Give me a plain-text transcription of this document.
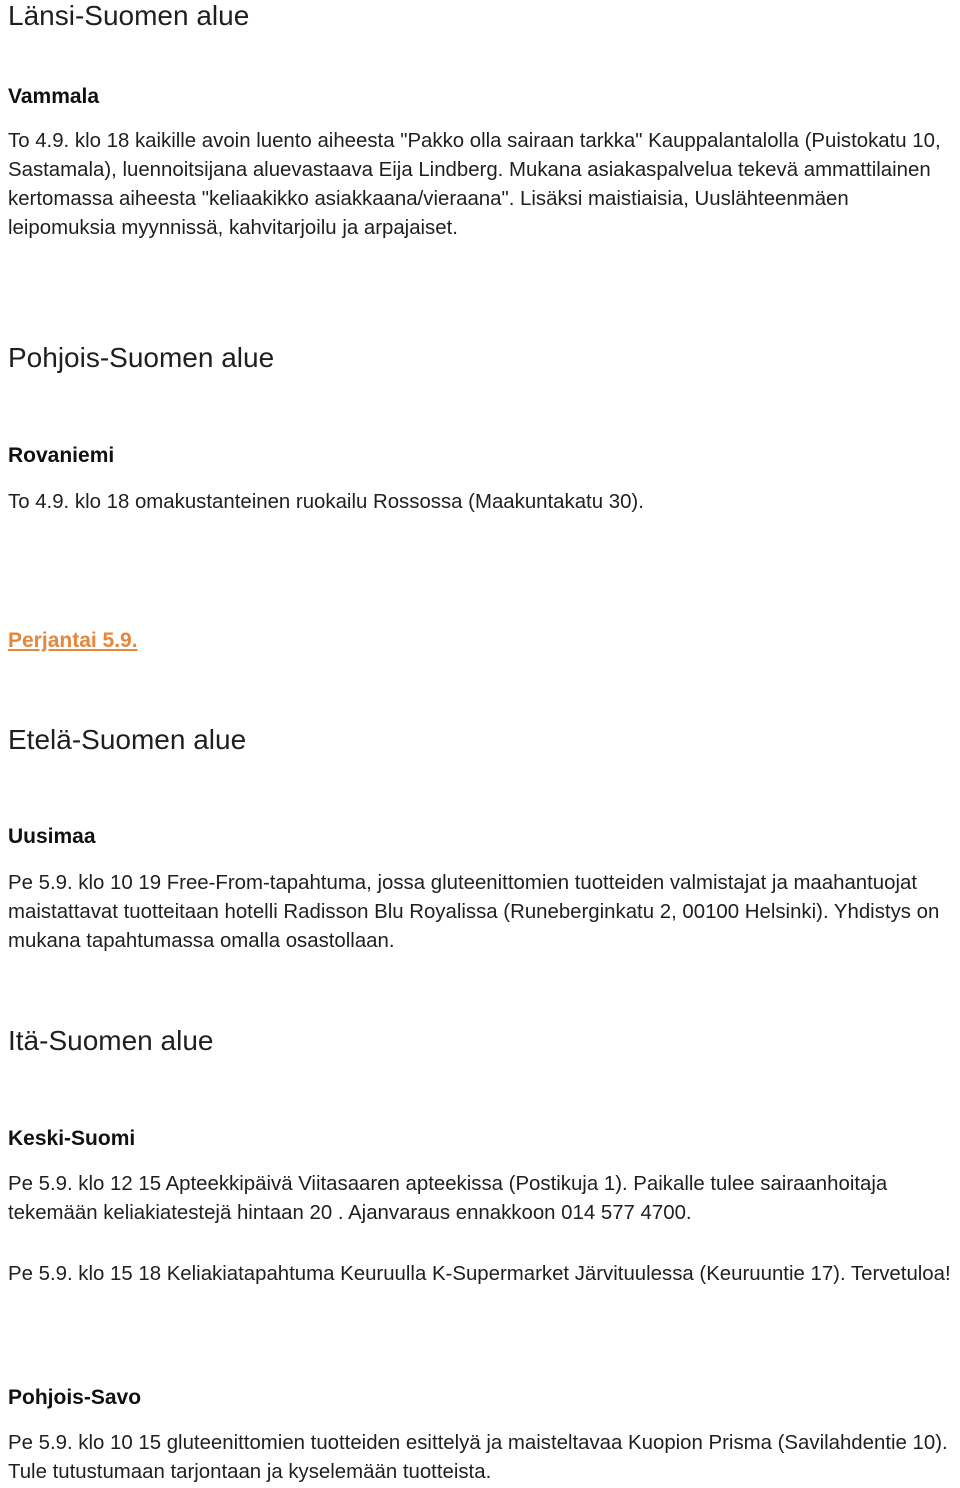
Länsi-Suomen alue
Vammala

To 4.9. klo 18 kaikille avoin luento aiheesta "Pakko olla sairaan tarkka" Kauppalantalolla (Puistokatu 10, Sastamala), luennoitsijana aluevastaava Eija Lindberg. Mukana asiakaspalvelua tekevä ammattilainen kertomassa aiheesta "keliaakikko asiakkaana/vieraana". Lisäksi maistiaisia, Uuslähteenmäen leipomuksia myynnissä, kahvitarjoilu ja arpajaiset.

Pohjois-Suomen alue
Rovaniemi

To 4.9. klo 18 omakustanteinen ruokailu Rossossa (Maakuntakatu 30).

Perjantai 5.9.
Etelä-Suomen alue
Uusimaa

Pe 5.9. klo 10 19 Free-From-tapahtuma, jossa gluteenittomien tuotteiden valmistajat ja maahantuojat maistattavat tuotteitaan hotelli Radisson Blu Royalissa (Runeberginkatu 2, 00100 Helsinki). Yhdistys on mukana tapahtumassa omalla osastollaan.

Itä-Suomen alue
Keski-Suomi

Pe 5.9. klo 12 15 Apteekkipäivä Viitasaaren apteekissa (Postikuja 1). Paikalle tulee sairaanhoitaja tekemään keliakiatestejä hintaan 20 . Ajanvaraus ennakkoon 014 577 4700.

Pe 5.9. klo 15 18 Keliakiatapahtuma Keuruulla K-Supermarket Järvituulessa (Keuruuntie 17). Tervetuloa!

Pohjois-Savo

Pe 5.9. klo 10 15 gluteenittomien tuotteiden esittelyä ja maisteltavaa Kuopion Prisma (Savilahdentie 10). Tule tutustumaan tarjontaan ja kyselemään tuotteista.
